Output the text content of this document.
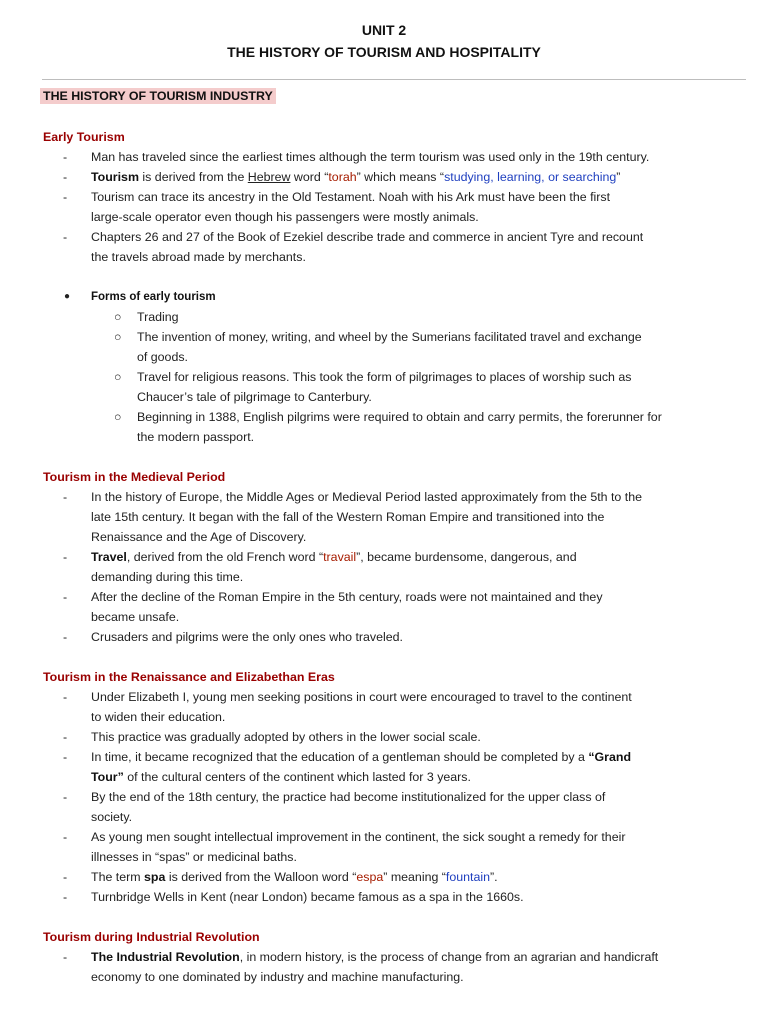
UNIT 2
THE HISTORY OF TOURISM AND HOSPITALITY
THE HISTORY OF TOURISM INDUSTRY
Early Tourism
- Man has traveled since the earliest times although the term tourism was used only in the 19th century.
- Tourism is derived from the Hebrew word “torah” which means “studying, learning, or searching”
- Tourism can trace its ancestry in the Old Testament. Noah with his Ark must have been the first
large-scale operator even though his passengers were mostly animals.
- Chapters 26 and 27 of the Book of Ezekiel describe trade and commerce in ancient Tyre and recount
the travels abroad made by merchants.
● Forms of early tourism
○ Trading
○ The invention of money, writing, and wheel by the Sumerians facilitated travel and exchange
of goods.
○ Travel for religious reasons. This took the form of pilgrimages to places of worship such as
Chaucer’s tale of pilgrimage to Canterbury.
○ Beginning in 1388, English pilgrims were required to obtain and carry permits, the forerunner for
the modern passport.
Tourism in the Medieval Period
- In the history of Europe, the Middle Ages or Medieval Period lasted approximately from the 5th to the
late 15th century. It began with the fall of the Western Roman Empire and transitioned into the
Renaissance and the Age of Discovery.
- Travel, derived from the old French word “travail”, became burdensome, dangerous, and
demanding during this time.
- After the decline of the Roman Empire in the 5th century, roads were not maintained and they
became unsafe.
- Crusaders and pilgrims were the only ones who traveled.
Tourism in the Renaissance and Elizabethan Eras
- Under Elizabeth I, young men seeking positions in court were encouraged to travel to the continent
to widen their education.
- This practice was gradually adopted by others in the lower social scale.
- In time, it became recognized that the education of a gentleman should be completed by a “Grand
Tour” of the cultural centers of the continent which lasted for 3 years.
- By the end of the 18th century, the practice had become institutionalized for the upper class of
society.
- As young men sought intellectual improvement in the continent, the sick sought a remedy for their
illnesses in “spas” or medicinal baths.
- The term spa is derived from the Walloon word “espa” meaning “fountain”.
- Turnbridge Wells in Kent (near London) became famous as a spa in the 1660s.
Tourism during Industrial Revolution
- The Industrial Revolution, in modern history, is the process of change from an agrarian and handicraft
economy to one dominated by industry and machine manufacturing.
